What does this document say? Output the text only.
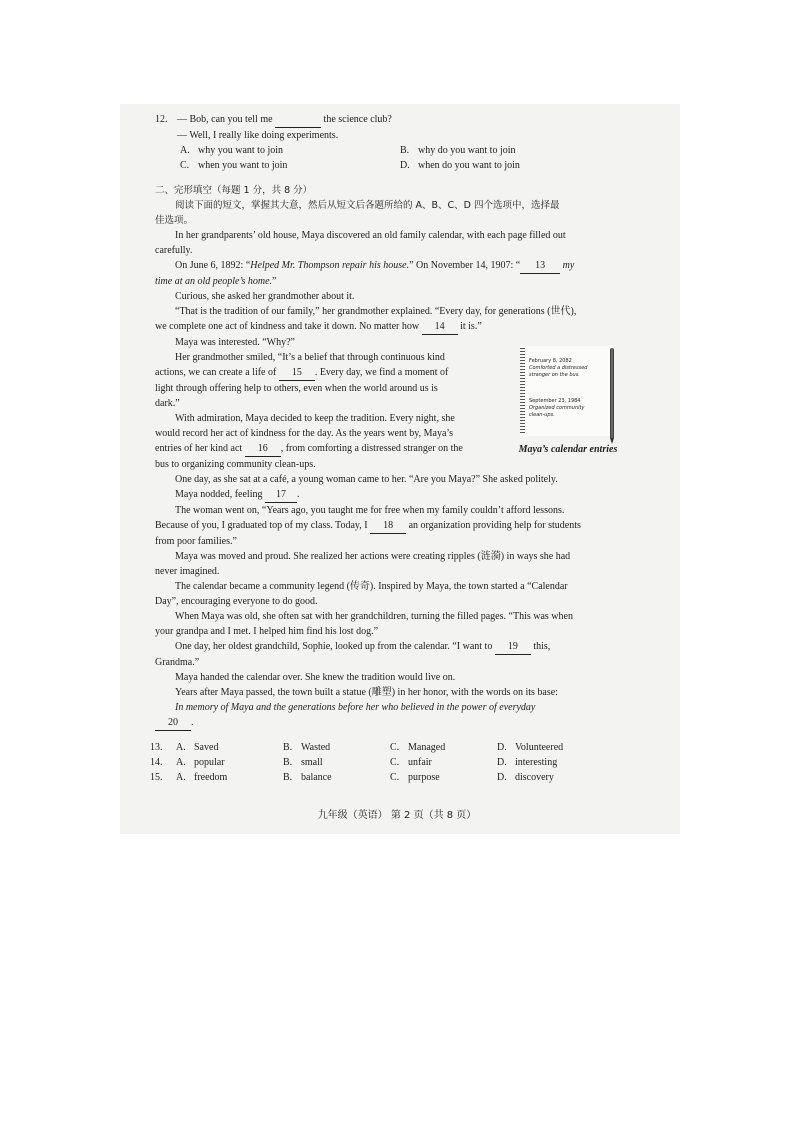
12. — Bob, can you tell me	the science club?
— Well, I really like doing experiments.
A. why you want to join	B. why do you want to join
C. when you want to join	D. when do you want to join
二、完形填空（每题 1 分，共 8 分）
阅读下面的短文，掌握其大意，然后从短文后各题所给的 A、B、C、D 四个选项中，选择最
佳选项。
In her grandparents’ old house, Maya discovered an old family calendar, with each page filled out
carefully.
On June 6, 1892: “Helped Mr. Thompson repair his house.” On November 14, 1907: “ 13 my
time at an old people’s home.”
Curious, she asked her grandmother about it.
“That is the tradition of our family,” her grandmother explained. “Every day, for generations (世代),
we complete one act of kindness and take it down. No matter how 14 it is.”
Maya was interested. “Why?”
Her grandmother smiled, “It’s a belief that through continuous kind
actions, we can create a life of 15 . Every day, we find a moment of
light through offering help to others, even when the world around us is
dark.”
With admiration, Maya decided to keep the tradition. Every night, she
would record her act of kindness for the day. As the years went by, Maya’s
entries of her kind act 16 , from comforting a distressed stranger on the
bus to organizing community clean-ups.
One day, as she sat at a café, a young woman came to her. “Are you Maya?” She asked politely.
Maya nodded, feeling 17 .
The woman went on, “Years ago, you taught me for free when my family couldn’t afford lessons.
Because of you, I graduated top of my class. Today, I 18 an organization providing help for students
from poor families.”
Maya was moved and proud. She realized her actions were creating ripples (涟漪) in ways she had
never imagined.
The calendar became a community legend (传奇). Inspired by Maya, the town started a “Calendar
Day”, encouraging everyone to do good.
When Maya was old, she often sat with her grandchildren, turning the filled pages. “This was when
your grandpa and I met. I helped him find his lost dog.”
One day, her oldest grandchild, Sophie, looked up from the calendar. “I want to 19 this,
Grandma.”
Maya handed the calendar over. She knew the tradition would live on.
Years after Maya passed, the town built a statue (雕塑) in her honor, with the words on its base:
In memory of Maya and the generations before her who believed in the power of everyday
20 .
February 8, 2082
Comforted a distressed
stranger on the bus.
September 23, 1984
Organized community
clean-ups.
Maya’s calendar entries
13.	A. Saved	B. Wasted	C. Managed	D. Volunteered
14.	A. popular	B. small	C. unfair	D. interesting
15.	A. freedom	B. balance	C. purpose	D. discovery
九年级（英语） 第 2 页（共 8 页）
